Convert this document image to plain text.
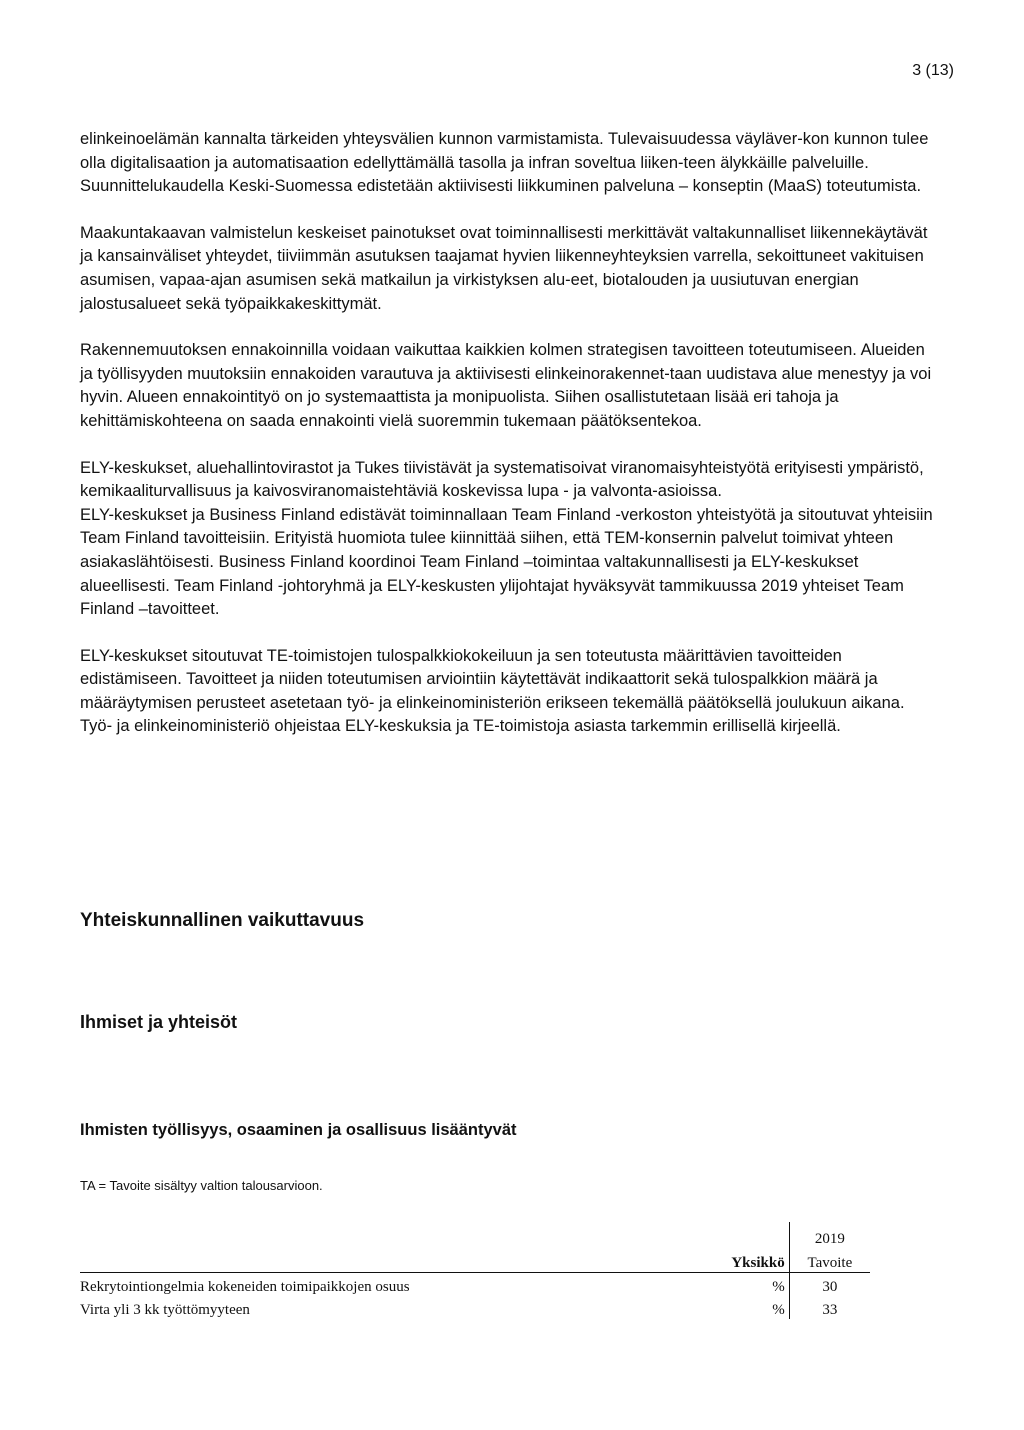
3 (13)

elinkeinoelämän kannalta tärkeiden yhteysvälien kunnon varmistamista. Tulevaisuudessa väyläver-kon kunnon tulee olla digitalisaation ja automatisaation edellyttämällä tasolla ja infran soveltua liiken-teen älykkäille palveluille. Suunnittelukaudella Keski-Suomessa edistetään aktiivisesti liikkuminen palveluna – konseptin (MaaS) toteutumista.

Maakuntakaavan valmistelun keskeiset painotukset ovat toiminnallisesti merkittävät valtakunnalliset liikennekäytävät ja kansainväliset yhteydet, tiiviimmän asutuksen taajamat hyvien liikenneyhteyksien varrella, sekoittuneet vakituisen asumisen, vapaa-ajan asumisen sekä matkailun ja virkistyksen alu-eet, biotalouden ja uusiutuvan energian jalostusalueet sekä työpaikkakeskittymät.

Rakennemuutoksen ennakoinnilla voidaan vaikuttaa kaikkien kolmen strategisen tavoitteen toteutumiseen. Alueiden ja työllisyyden muutoksiin ennakoiden varautuva ja aktiivisesti elinkeinorakennet-taan uudistava alue menestyy ja voi hyvin. Alueen ennakointityö on jo systemaattista ja monipuolista. Siihen osallistutetaan lisää eri tahoja ja kehittämiskohteena on saada ennakointi vielä suoremmin tukemaan päätöksentekoa.

ELY-keskukset, aluehallintovirastot ja Tukes tiivistävät ja systematisoivat viranomaisyhteistyötä erityisesti ympäristö, kemikaaliturvallisuus ja kaivosviranomaistehtäviä koskevissa lupa - ja valvonta-asioissa.

ELY-keskukset ja Business Finland edistävät toiminnallaan Team Finland -verkoston yhteistyötä ja sitoutuvat yhteisiin Team Finland tavoitteisiin. Erityistä huomiota tulee kiinnittää siihen, että TEM-konsernin palvelut toimivat yhteen asiakaslähtöisesti. Business Finland koordinoi Team Finland –toimintaa valtakunnallisesti ja ELY-keskukset alueellisesti. Team Finland -johtoryhmä ja ELY-keskusten ylijohtajat hyväksyvät tammikuussa 2019 yhteiset Team Finland –tavoitteet.

ELY-keskukset sitoutuvat TE-toimistojen tulospalkkiokokeiluun ja sen toteutusta määrittävien tavoitteiden edistämiseen. Tavoitteet ja niiden toteutumisen arviointiin käytettävät indikaattorit sekä tulospalkkion määrä ja määräytymisen perusteet asetetaan työ- ja elinkeinoministeriön erikseen tekemällä päätöksellä joulukuun aikana. Työ- ja elinkeinoministeriö ohjeistaa ELY-keskuksia ja TE-toimistoja asiasta tarkemmin erillisellä kirjeellä.

Yhteiskunnallinen vaikuttavuus
Ihmiset ja yhteisöt
Ihmisten työllisyys, osaaminen ja osallisuus lisääntyvät
TA = Tavoite sisältyy valtion talousarvioon.
		2019
	Yksikkö	Tavoite
Rekrytointiongelmia kokeneiden toimipaikkojen osuus	%	30
Virta yli 3 kk työttömyyteen	%	33
